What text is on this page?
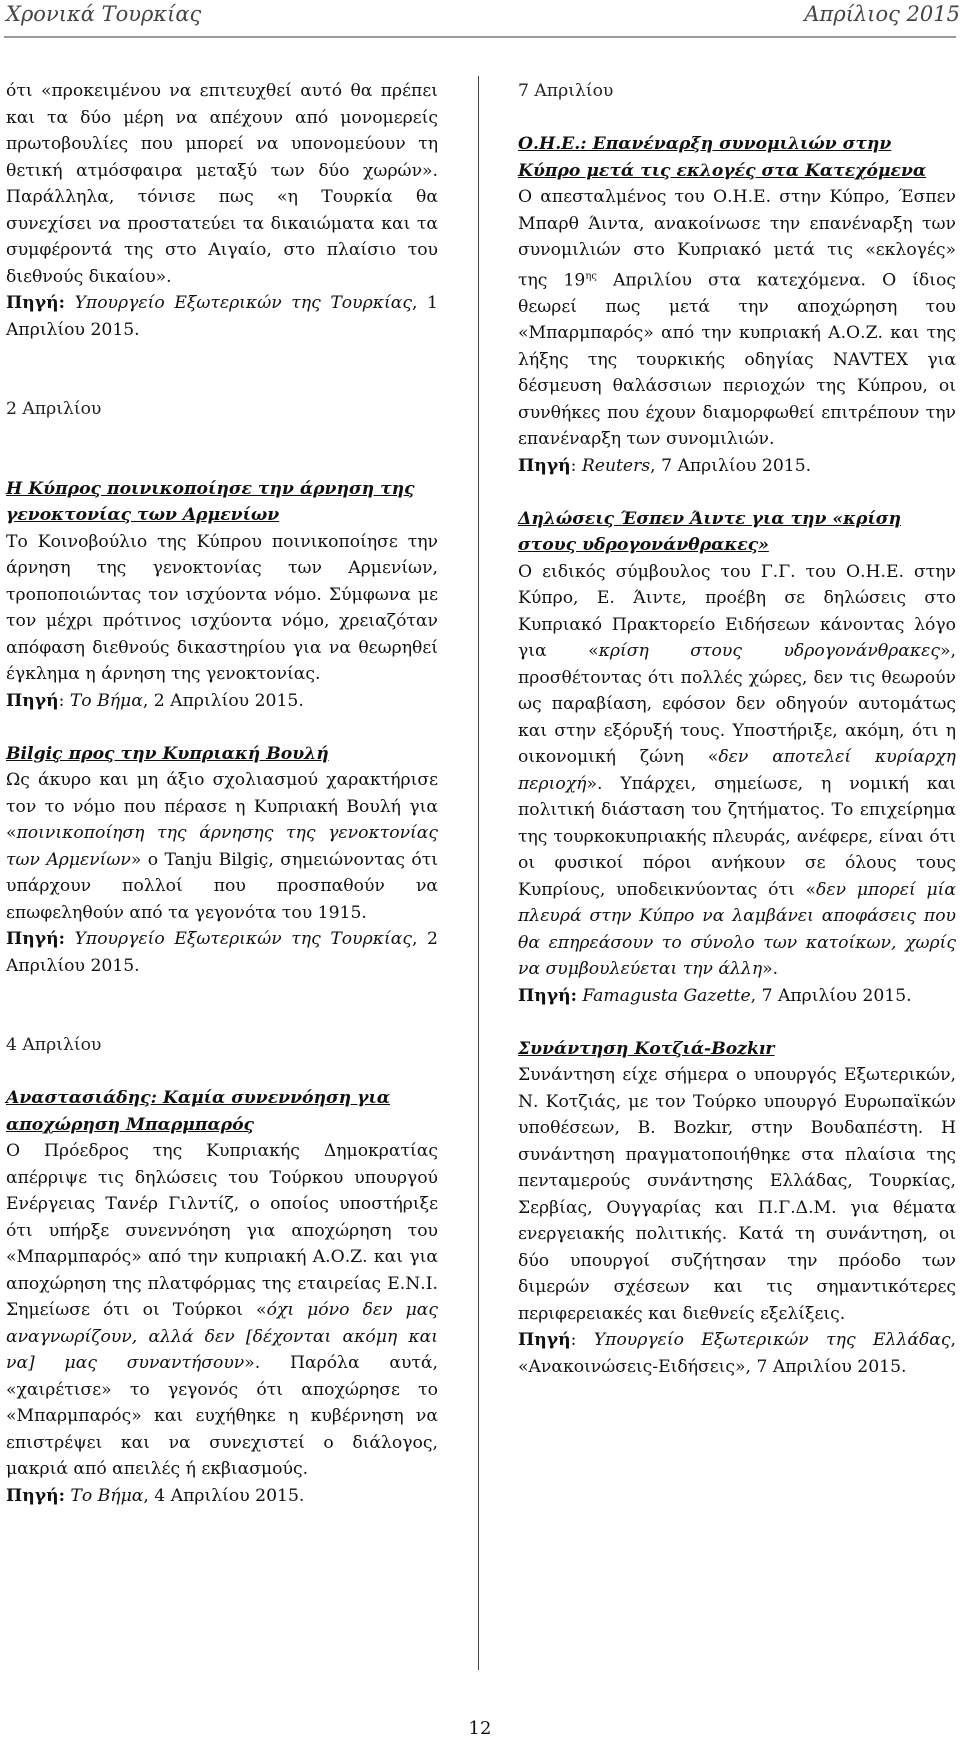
Χρονικά Τουρκίας	Απρίλιος 2015

ότι «προκειμένου να επιτευχθεί αυτό θα πρέπει και τα δύο μέρη να απέχουν από μονομερείς πρωτοβουλίες που μπορεί να υπονομεύουν τη θετική ατμόσφαιρα μεταξύ των δύο χωρών». Παράλληλα, τόνισε πως «η Τουρκία θα συνεχίσει να προστατεύει τα δικαιώματα και τα συμφέροντά της στο Αιγαίο, στο πλαίσιο του διεθνούς δικαίου».

Πηγή: Υπουργείο Εξωτερικών της Τουρκίας, 1 Απριλίου 2015.

2 Απριλίου

Η Κύπρος ποινικοποίησε την άρνηση της γενοκτονίας των Αρμενίων

Το Κοινοβούλιο της Κύπρου ποινικοποίησε την άρνηση της γενοκτονίας των Αρμενίων, τροποποιώντας τον ισχύοντα νόμο. Σύμφωνα με τον μέχρι πρότινος ισχύοντα νόμο, χρειαζόταν απόφαση διεθνούς δικαστηρίου για να θεωρηθεί έγκλημα η άρνηση της γενοκτονίας.

Πηγή: Το Βήμα, 2 Απριλίου 2015.

Bilgiç προς την Κυπριακή Βουλή

Ως άκυρο και μη άξιο σχολιασμού χαρακτήρισε τον το νόμο που πέρασε η Κυπριακή Βουλή για «ποινικοποίηση της άρνησης της γενοκτονίας των Αρμενίων» ο Tanju Bilgiç, σημειώνοντας ότι υπάρχουν πολλοί που προσπαθούν να επωφεληθούν από τα γεγονότα του 1915.

Πηγή: Υπουργείο Εξωτερικών της Τουρκίας, 2 Απριλίου 2015.

4 Απριλίου

Αναστασιάδης: Καμία συνεννόηση για αποχώρηση Μπαρμπαρός

Ο Πρόεδρος της Κυπριακής Δημοκρατίας απέρριψε τις δηλώσεις του Τούρκου υπουργού Ενέργειας Τανέρ Γιλντίζ, ο οποίος υποστήριξε ότι υπήρξε συνεννόηση για αποχώρηση του «Μπαρμπαρός» από την κυπριακή Α.Ο.Ζ. και για αποχώρηση της πλατφόρμας της εταιρείας Ε.Ν.Ι. Σημείωσε ότι οι Τούρκοι «όχι μόνο δεν μας αναγνωρίζουν, αλλά δεν [δέχονται ακόμη και να] μας συναντήσουν». Παρόλα αυτά, «χαιρέτισε» το γεγονός ότι αποχώρησε το «Μπαρμπαρός» και ευχήθηκε η κυβέρνηση να επιστρέψει και να συνεχιστεί ο διάλογος, μακριά από απειλές ή εκβιασμούς.

Πηγή: Το Βήμα, 4 Απριλίου 2015.

7 Απριλίου

Ο.Η.Ε.: Επανέναρξη συνομιλιών στην Κύπρο μετά τις εκλογές στα Κατεχόμενα

Ο απεσταλμένος του Ο.Η.Ε. στην Κύπρο, Έσπεν Μπαρθ Άιντα, ανακοίνωσε την επανέναρξη των συνομιλιών στο Κυπριακό μετά τις «εκλογές» της $19^{\eta\varsigma}$ Απριλίου στα κατεχόμενα. Ο ίδιος θεωρεί πως μετά την αποχώρηση του «Μπαρμπαρός» από την κυπριακή Α.Ο.Ζ. και της λήξης της τουρκικής οδηγίας NAVTEX για δέσμευση θαλάσσιων περιοχών της Κύπρου, οι συνθήκες που έχουν διαμορφωθεί επιτρέπουν την επανέναρξη των συνομιλιών.

Πηγή: Reuters, 7 Απριλίου 2015.

Δηλώσεις Έσπεν Άιντε για την «κρίση στους υδρογονάνθρακες»

Ο ειδικός σύμβουλος του Γ.Γ. του Ο.Η.Ε. στην Κύπρο, Ε. Άιντε, προέβη σε δηλώσεις στο Κυπριακό Πρακτορείο Ειδήσεων κάνοντας λόγο για «κρίση στους υδρογονάνθρακες», προσθέτοντας ότι πολλές χώρες, δεν τις θεωρούν ως παραβίαση, εφόσον δεν οδηγούν αυτομάτως και στην εξόρυξή τους. Υποστήριξε, ακόμη, ότι η οικονομική ζώνη «δεν αποτελεί κυρίαρχη περιοχή». Υπάρχει, σημείωσε, η νομική και πολιτική διάσταση του ζητήματος. Το επιχείρημα της τουρκοκυπριακής πλευράς, ανέφερε, είναι ότι οι φυσικοί πόροι ανήκουν σε όλους τους Κυπρίους, υποδεικνύοντας ότι «δεν μπορεί μία πλευρά στην Κύπρο να λαμβάνει αποφάσεις που θα επηρεάσουν το σύνολο των κατοίκων, χωρίς να συμβουλεύεται την άλλη».

Πηγή: Famagusta Gazette, 7 Απριλίου 2015.

Συνάντηση Κοτζιά-Bozkır

Συνάντηση είχε σήμερα ο υπουργός Εξωτερικών, Ν. Κοτζιάς, με τον Τούρκο υπουργό Ευρωπαϊκών υποθέσεων, Β. Bozkır, στην Βουδαπέστη. Η συνάντηση πραγματοποιήθηκε στα πλαίσια της πενταμερούς συνάντησης Ελλάδας, Τουρκίας, Σερβίας, Ουγγαρίας και Π.Γ.Δ.Μ. για θέματα ενεργειακής πολιτικής. Κατά τη συνάντηση, οι δύο υπουργοί συζήτησαν την πρόοδο των διμερών σχέσεων και τις σημαντικότερες περιφερειακές και διεθνείς εξελίξεις.

Πηγή: Υπουργείο Εξωτερικών της Ελλάδας, «Ανακοινώσεις-Ειδήσεις», 7 Απριλίου 2015.

12
